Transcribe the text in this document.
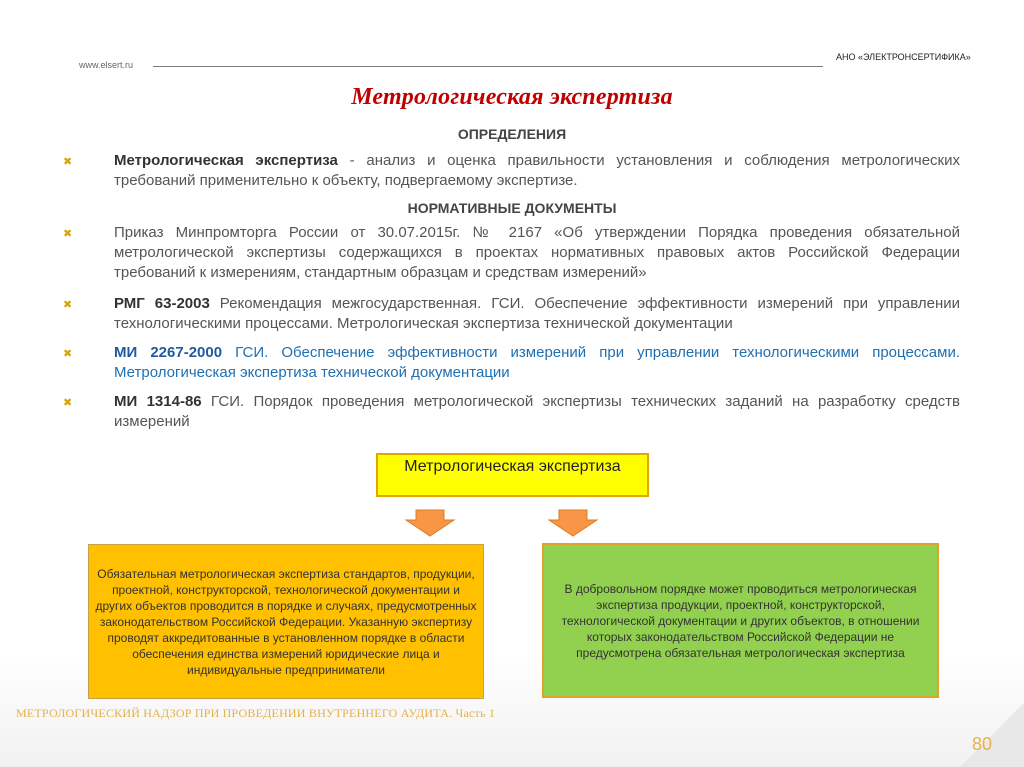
www.elsert.ru
АНО «ЭЛЕКТРОНСЕРТИФИКА»
Метрологическая экспертиза
ОПРЕДЕЛЕНИЯ
✖	Метрологическая экспертиза - анализ и оценка правильности установления и соблюдения метрологических требований применительно к объекту, подвергаемому экспертизе.
НОРМАТИВНЫЕ ДОКУМЕНТЫ
✖	Приказ Минпромторга России от 30.07.2015г. № 2167 «Об утверждении Порядка проведения обязательной метрологической экспертизы содержащихся в проектах нормативных правовых актов Российской Федерации требований к измерениям, стандартным образцам и средствам измерений»
✖	РМГ 63-2003 Рекомендация межгосударственная. ГСИ. Обеспечение эффективности измерений при управлении технологическими процессами. Метрологическая экспертиза технической документации
✖	МИ 2267-2000 ГСИ. Обеспечение эффективности измерений при управлении технологическими процессами. Метрологическая экспертиза технической документации
✖	МИ 1314-86 ГСИ. Порядок проведения метрологической экспертизы технических заданий на разработку средств измерений
Метрологическая экспертиза
Обязательная метрологическая экспертиза стандартов, продукции, проектной, конструкторской, технологической документации и других объектов проводится в порядке и случаях, предусмотренных законодательством Российской Федерации. Указанную экспертизу проводят аккредитованные в установленном порядке в области обеспечения единства измерений юридические лица и индивидуальные предприниматели
В добровольном порядке может проводиться метрологическая экспертиза продукции, проектной, конструкторской, технологической документации и других объектов, в отношении которых законодательством Российской Федерации не предусмотрена обязательная метрологическая экспертиза
МЕТРОЛОГИЧЕСКИЙ НАДЗОР ПРИ ПРОВЕДЕНИИ ВНУТРЕННЕГО АУДИТА. Часть 1
80
